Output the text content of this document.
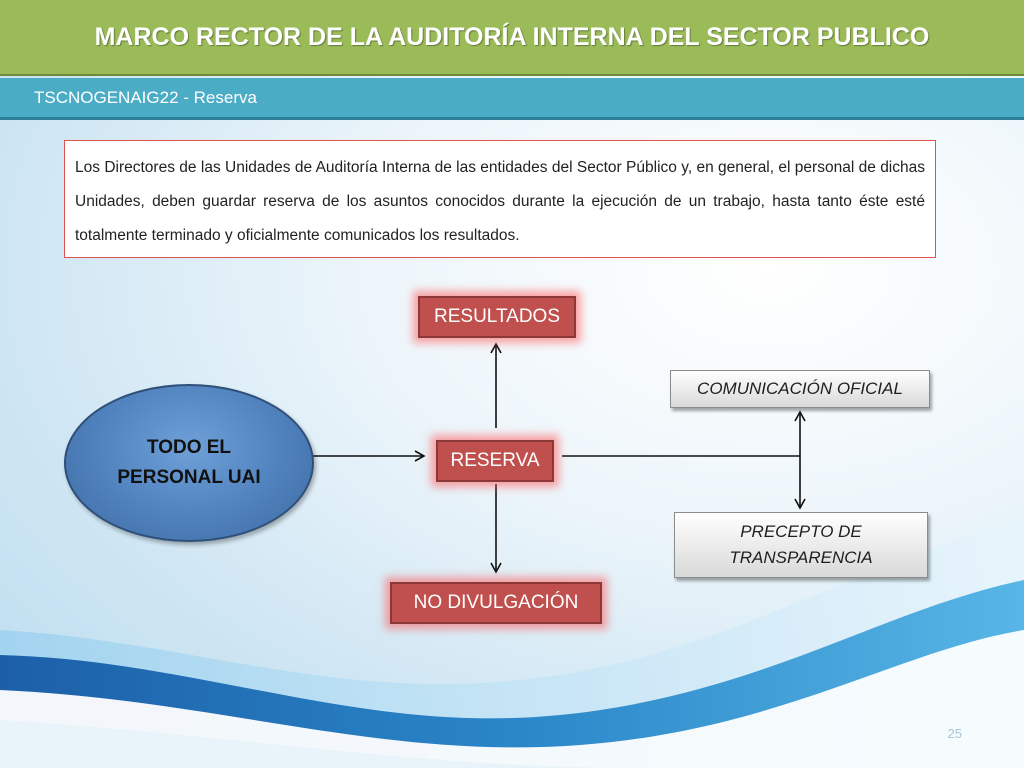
MARCO RECTOR DE LA AUDITORÍA INTERNA DEL SECTOR PUBLICO
TSCNOGENAIG22 - Reserva

Los Directores de las Unidades de Auditoría Interna de las entidades del Sector Público y, en general, el personal de dichas Unidades, deben guardar reserva de los asuntos conocidos durante la ejecución de un trabajo, hasta tanto éste esté totalmente terminado y oficialmente comunicados los resultados.

TODO EL PERSONAL UAI
RESULTADOS
RESERVA
NO DIVULGACIÓN
COMUNICACIÓN OFICIAL
PRECEPTO DE TRANSPARENCIA
25
